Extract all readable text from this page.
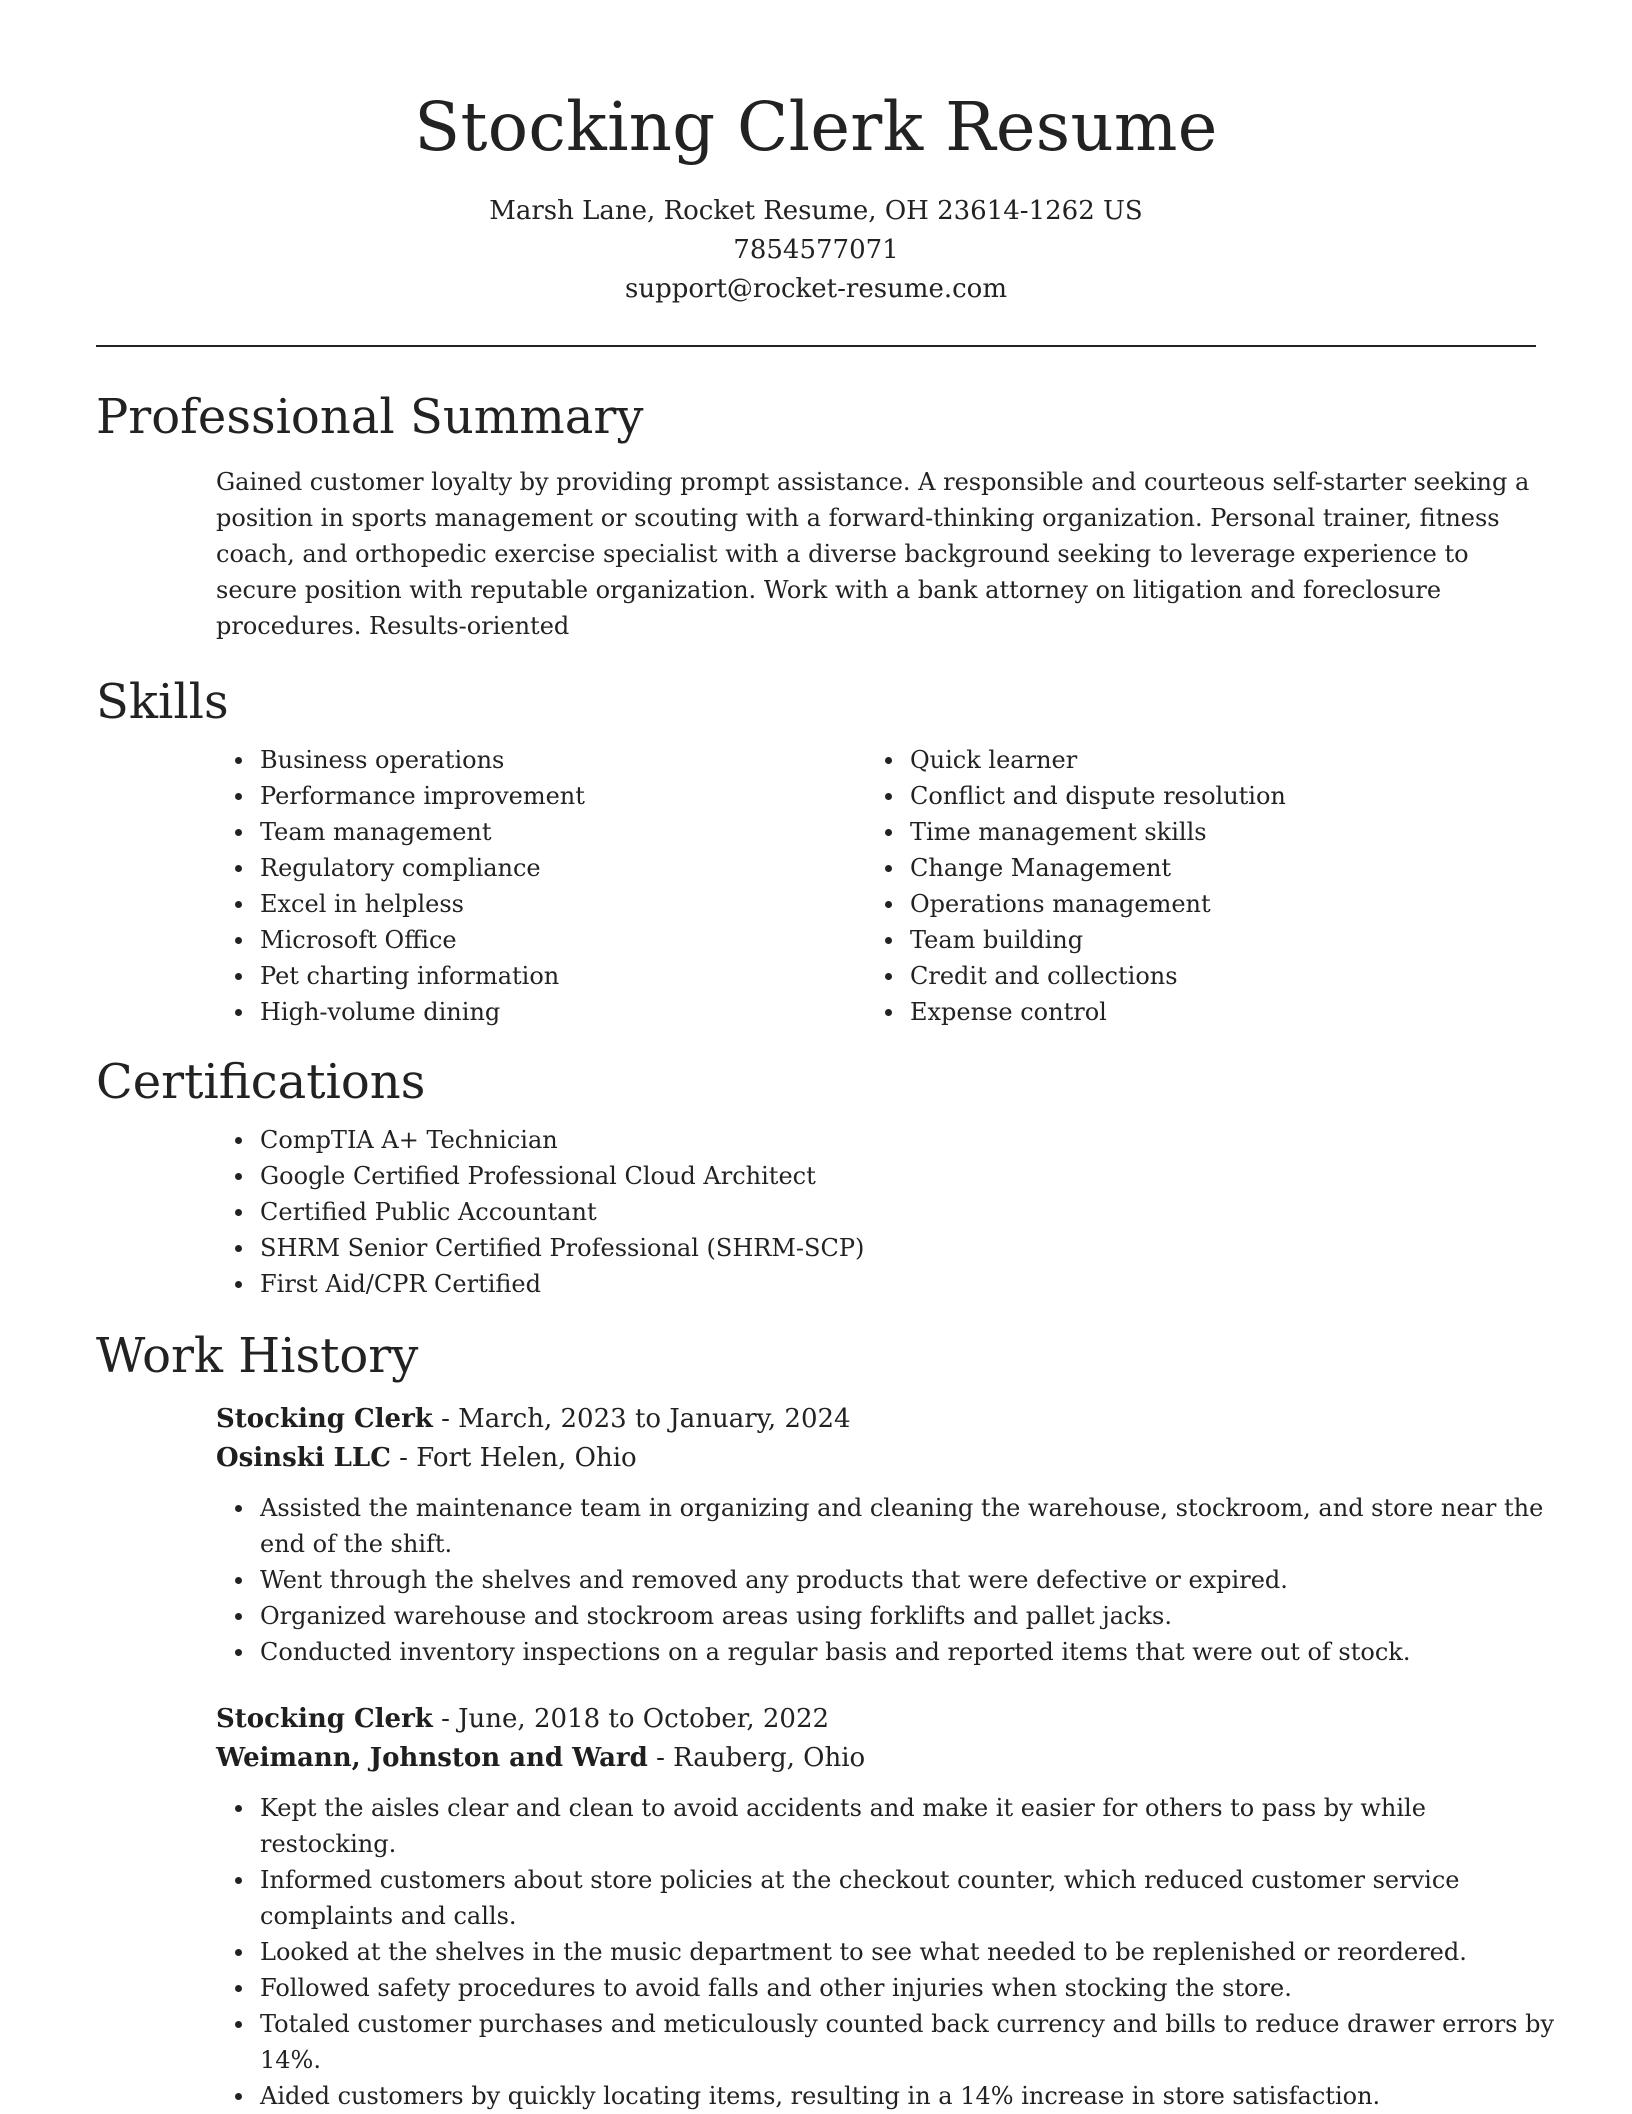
Stocking Clerk Resume
Marsh Lane, Rocket Resume, OH 23614-1262 US
7854577071
support@rocket-resume.com
Professional Summary

Gained customer loyalty by providing prompt assistance. A responsible and courteous self-starter seeking a position in sports management or scouting with a forward-thinking organization. Personal trainer, fitness coach, and orthopedic exercise specialist with a diverse background seeking to leverage experience to secure position with reputable organization. Work with a bank attorney on litigation and foreclosure procedures. Results-oriented

Skills
Business operations
Performance improvement
Team management
Regulatory compliance
Excel in helpless
Microsoft Office
Pet charting information
High-volume dining
Quick learner
Conflict and dispute resolution
Time management skills
Change Management
Operations management
Team building
Credit and collections
Expense control
Certifications
CompTIA A+ Technician
Google Certified Professional Cloud Architect
Certified Public Accountant
SHRM Senior Certified Professional (SHRM-SCP)
First Aid/CPR Certified
Work History
Stocking Clerk - March, 2023 to January, 2024
Osinski LLC - Fort Helen, Ohio
Assisted the maintenance team in organizing and cleaning the warehouse, stockroom, and store near the end of the shift.
Went through the shelves and removed any products that were defective or expired.
Organized warehouse and stockroom areas using forklifts and pallet jacks.
Conducted inventory inspections on a regular basis and reported items that were out of stock.
Stocking Clerk - June, 2018 to October, 2022
Weimann, Johnston and Ward - Rauberg, Ohio
Kept the aisles clear and clean to avoid accidents and make it easier for others to pass by while restocking.
Informed customers about store policies at the checkout counter, which reduced customer service complaints and calls.
Looked at the shelves in the music department to see what needed to be replenished or reordered.
Followed safety procedures to avoid falls and other injuries when stocking the store.
Totaled customer purchases and meticulously counted back currency and bills to reduce drawer errors by 14%.
Aided customers by quickly locating items, resulting in a 14% increase in store satisfaction.
